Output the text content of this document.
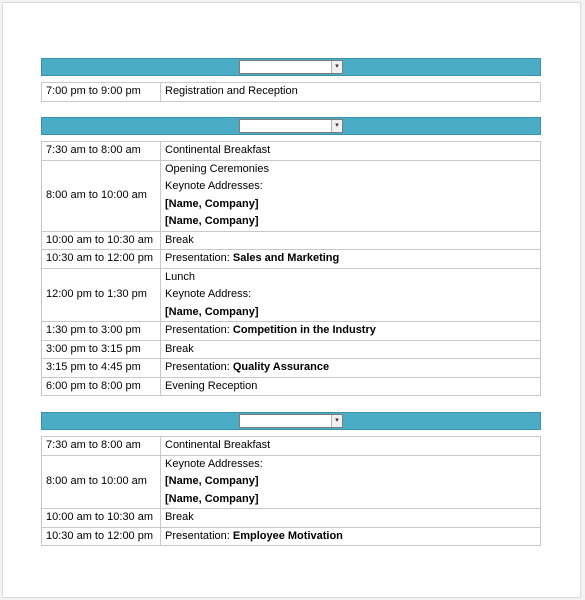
▾
7:00 pm to 9:00 pm	Registration and Reception
▾
7:30 am to 8:00 am	Continental Breakfast

8:00 am to 10:00 am	Opening Ceremonies
Keynote Addresses:
[Name, Company]
[Name, Company]

10:00 am to 10:30 am	Break

10:30 am to 12:00 pm	Presentation: Sales and Marketing

12:00 pm to 1:30 pm	Lunch
Keynote Address:
[Name, Company]

1:30 pm to 3:00 pm	Presentation: Competition in the Industry

3:00 pm to 3:15 pm	Break

3:15 pm to 4:45 pm	Presentation: Quality Assurance

6:00 pm to 8:00 pm	Evening Reception
▾
7:30 am to 8:00 am	Continental Breakfast

8:00 am to 10:00 am	Keynote Addresses:
[Name, Company]
[Name, Company]

10:00 am to 10:30 am	Break

10:30 am to 12:00 pm	Presentation: Employee Motivation
